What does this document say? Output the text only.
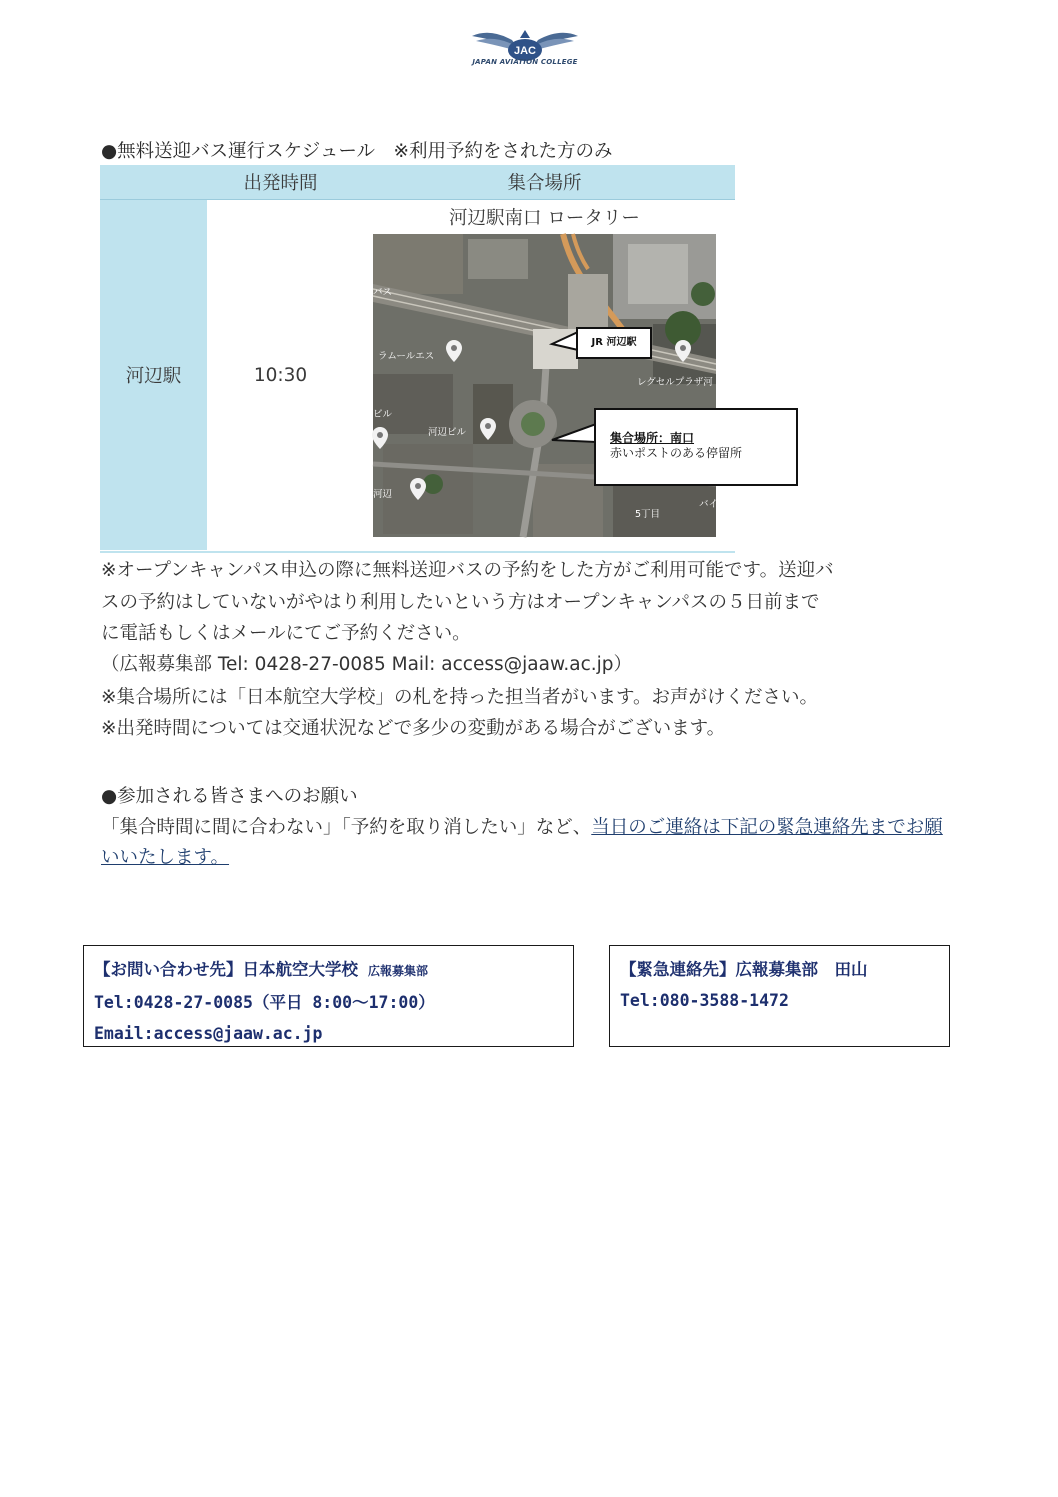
JAC
JAPAN AVIATION COLLEGE
●無料送迎バス運行スケジュール　※利用予約をされた方のみ
	出発時間	集合場所
河辺駅	10:30	河辺駅南口 ロータリー
バス
ラムールエス
レグセルプラザ河
ビル
河辺ビル
河辺
5丁目
バイ
JR 河辺駅
集合場所：南口
赤いポストのある停留所
※オープンキャンパス申込の際に無料送迎バスの予約をした方がご利用可能です。送迎バ
スの予約はしていないがやはり利用したいという方はオープンキャンパスの５日前まで
に電話もしくはメールにてご予約ください。
（広報募集部 Tel: 0428-27-0085 Mail: access@jaaw.ac.jp）
※集合場所には「日本航空大学校」の札を持った担当者がいます。お声がけください。
※出発時間については交通状況などで多少の変動がある場合がございます。
●参加される皆さまへのお願い
「集合時間に間に合わない」「予約を取り消したい」など、当日のご連絡は下記の緊急連絡先までお願いいたします。
【お問い合わせ先】日本航空大学校 広報募集部
Tel:0428-27-0085（平日 8:00～17:00）
Email:access@jaaw.ac.jp
【緊急連絡先】広報募集部　田山
Tel:080-3588-1472
